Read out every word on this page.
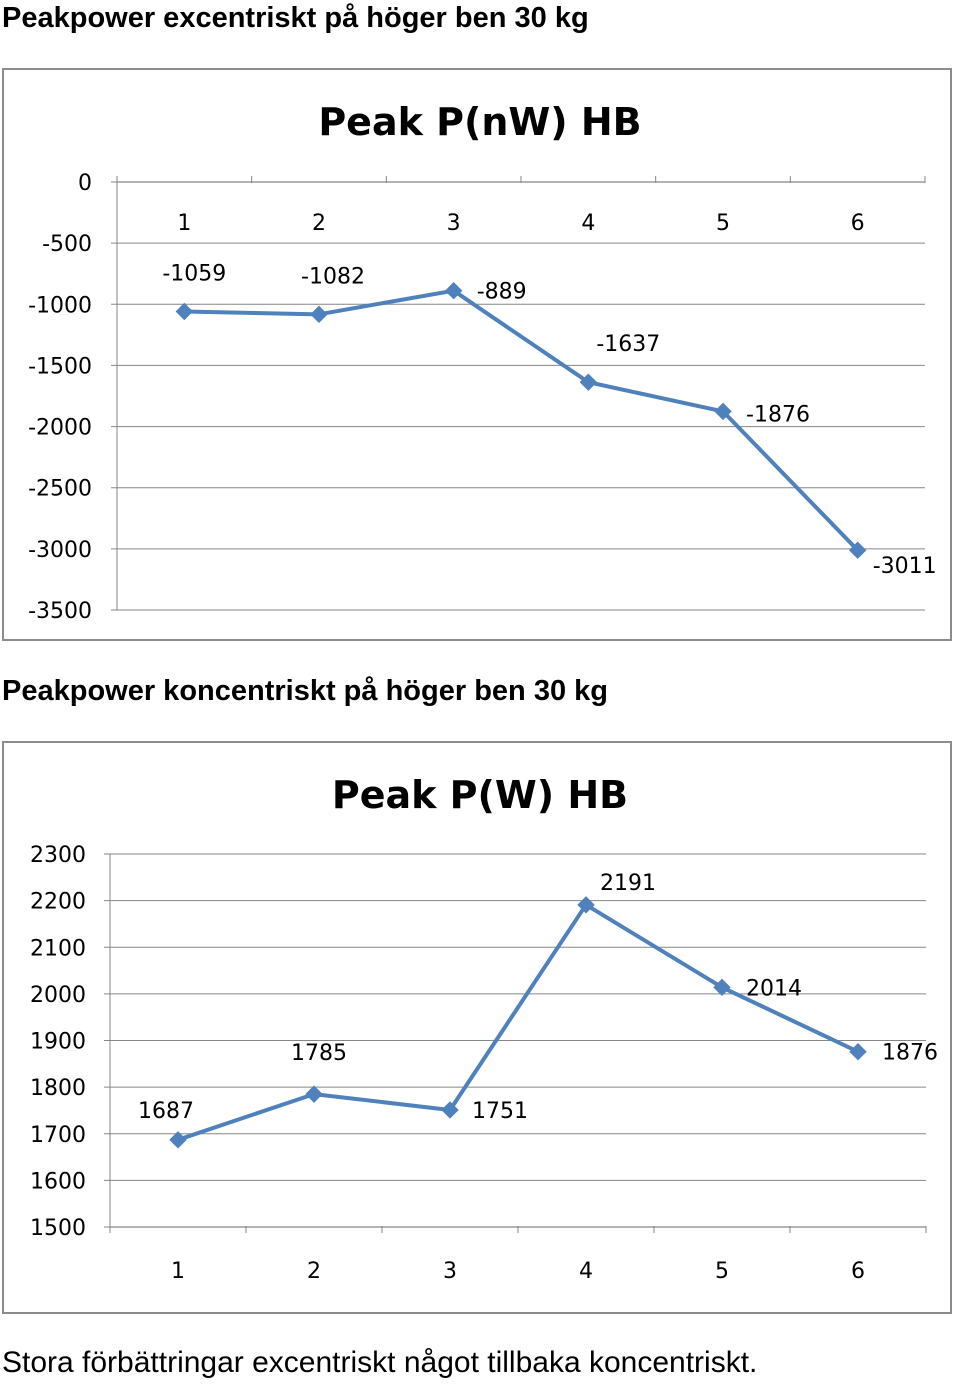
Peakpower excentriskt på höger ben 30 kg
Peak P(nW) HB
0
-500
-1000
-1500
-2000
-2500
-3000
-3500
1	2	3	4	5	6
-1059	-1082
-889
-1637
-1876
-3011
Peakpower koncentriskt på höger ben 30 kg
Peak P(W) HB
2300
2200
2100
2000
1900
1800
1700
1600
1500
1	2	3	4	5	6
1687
1785
1751
2191
2014
1876
Stora förbättringar excentriskt något tillbaka koncentriskt.
